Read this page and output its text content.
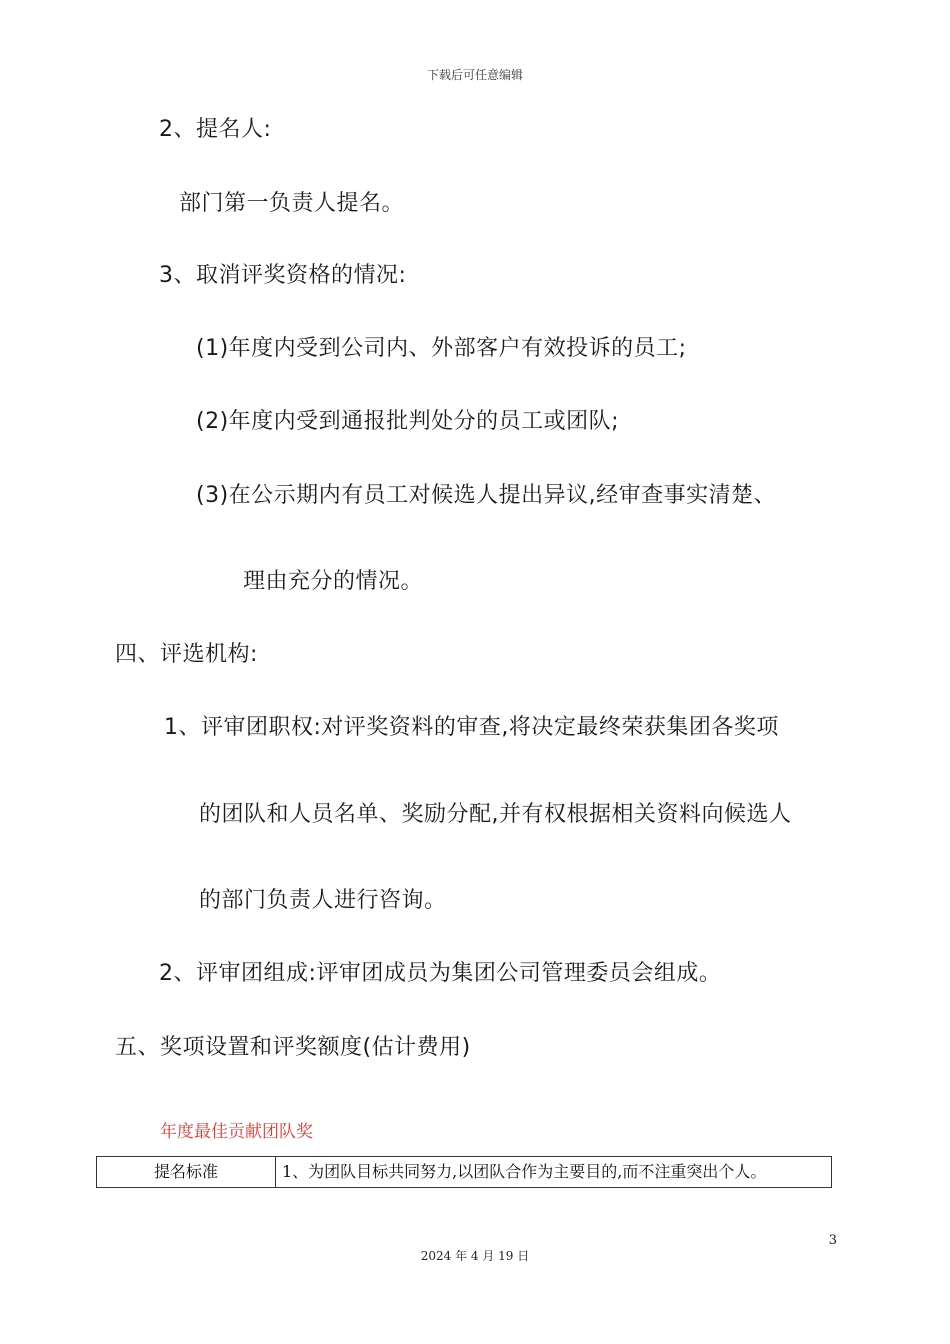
下载后可任意编辑
2、提名人:
部门第一负责人提名。
3、取消评奖资格的情况:
(1)年度内受到公司内、外部客户有效投诉的员工;
(2)年度内受到通报批判处分的员工或团队;
(3)在公示期内有员工对候选人提出异议,经审查事实清楚、
理由充分的情况。
四、评选机构:
1、评审团职权:对评奖资料的审查,将决定最终荣获集团各奖项
的团队和人员名单、奖励分配,并有权根据相关资料向候选人
的部门负责人进行咨询。
2、评审团组成:评审团成员为集团公司管理委员会组成。
五、奖项设置和评奖额度(估计费用)
年度最佳贡献团队奖
提名标准	1、为团队目标共同努力,以团队合作为主要目的,而不注重突出个人。
3
2024 年 4 月 19 日
